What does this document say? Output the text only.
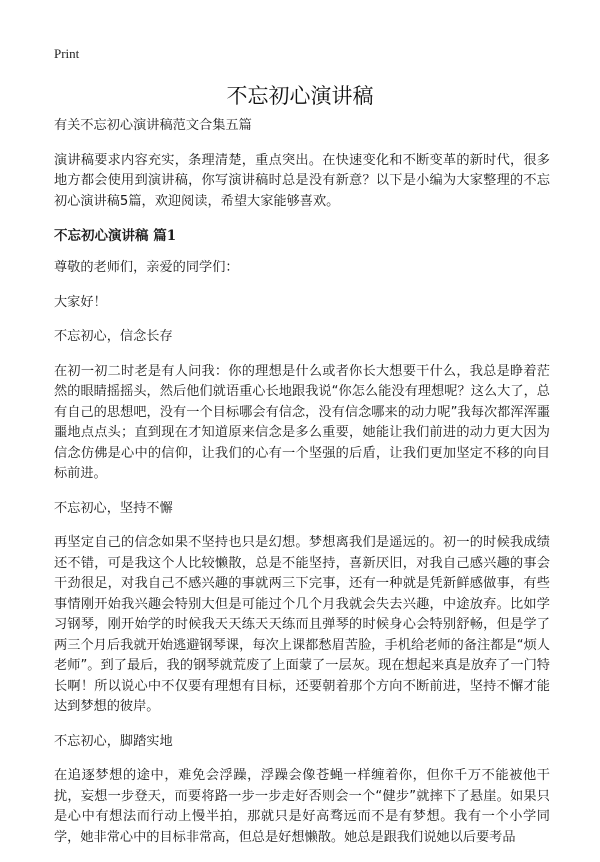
Print
不忘初心演讲稿

有关不忘初心演讲稿范文合集五篇

演讲稿要求内容充实，条理清楚，重点突出。在快速变化和不断变革的新时代，很多地方都会使用到演讲稿，你写演讲稿时总是没有新意？以下是小编为大家整理的不忘初心演讲稿5篇，欢迎阅读，希望大家能够喜欢。

不忘初心演讲稿 篇1

尊敬的老师们，亲爱的同学们：

大家好！

不忘初心，信念长存

在初一初二时老是有人问我：你的理想是什么或者你长大想要干什么，我总是睁着茫然的眼睛摇摇头，然后他们就语重心长地跟我说“你怎么能没有理想呢？这么大了，总有自己的思想吧，没有一个目标哪会有信念，没有信念哪来的动力呢”我每次都浑浑噩噩地点点头；直到现在才知道原来信念是多么重要，她能让我们前进的动力更大因为信念仿佛是心中的信仰，让我们的心有一个坚强的后盾，让我们更加坚定不移的向目标前进。

不忘初心，坚持不懈

再坚定自己的信念如果不坚持也只是幻想。梦想离我们是遥远的。初一的时候我成绩还不错，可是我这个人比较懒散，总是不能坚持，喜新厌旧，对我自己感兴趣的事会干劲很足，对我自己不感兴趣的事就两三下完事，还有一种就是凭新鲜感做事，有些事情刚开始我兴趣会特别大但是可能过个几个月我就会失去兴趣，中途放弃。比如学习钢琴，刚开始学的时候我天天练天天练而且弹琴的时候身心会特别舒畅，但是学了两三个月后我就开始逃避钢琴课，每次上课都愁眉苦脸，手机给老师的备注都是“烦人老师”。到了最后，我的钢琴就荒废了上面蒙了一层灰。现在想起来真是放弃了一门特长啊！所以说心中不仅要有理想有目标，还要朝着那个方向不断前进，坚持不懈才能达到梦想的彼岸。

不忘初心，脚踏实地

在追逐梦想的途中，难免会浮躁，浮躁会像苍蝇一样缠着你，但你千万不能被他干扰，妄想一步登天，而要将路一步一步走好否则会一个“健步”就摔下了悬崖。如果只是心中有想法而行动上慢半拍，那就只是好高骛远而不是有梦想。我有一个小学同学，她非常心中的目标非常高，但总是好想懒散。她总是跟我们说她以后要考品
